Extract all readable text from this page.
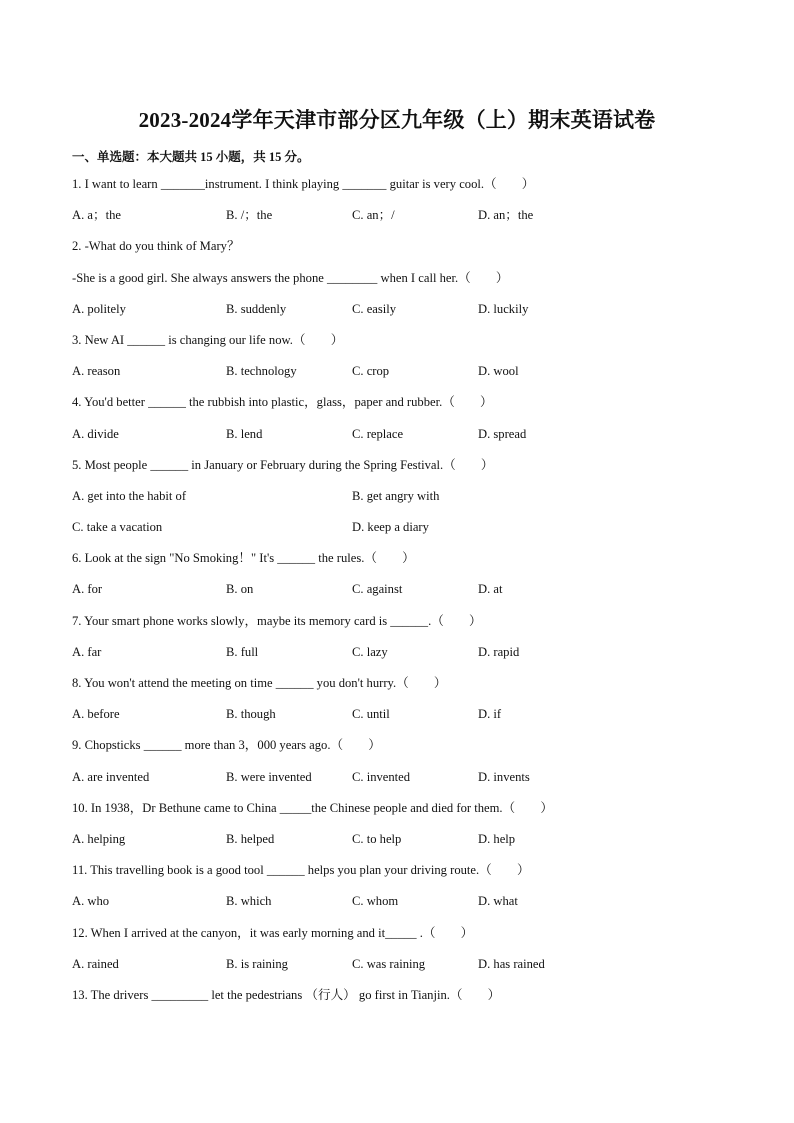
2023-2024学年天津市部分区九年级（上）期末英语试卷
一、单选题：本大题共 15 小题，共 15 分。
1. I want to learn _______instrument. I think playing _______ guitar is very cool.（　　）
A. a；the	B. /；the	C. an；/	D. an；the
2. -What do you think of Mary？
-She is a good girl. She always answers the phone ________ when I call her.（　　）
A. politely	B. suddenly	C. easily	D. luckily
3. New AI ______ is changing our life now.（　　）
A. reason	B. technology	C. crop	D. wool
4. You'd better ______ the rubbish into plastic，glass，paper and rubber.（　　）
A. divide	B. lend	C. replace	D. spread
5. Most people ______ in January or February during the Spring Festival.（　　）
A. get into the habit of	B. get angry with
C. take a vacation	D. keep a diary
6. Look at the sign "No Smoking！" It's ______ the rules.（　　）
A. for	B. on	C. against	D. at
7. Your smart phone works slowly，maybe its memory card is ______.（　　）
A. far	B. full	C. lazy	D. rapid
8. You won't attend the meeting on time ______ you don't hurry.（　　）
A. before	B. though	C. until	D. if
9. Chopsticks ______ more than 3，000 years ago.（　　）
A. are invented	B. were invented	C. invented	D. invents
10. In 1938，Dr Bethune came to China _____the Chinese people and died for them.（　　）
A. helping	B. helped	C. to help	D. help
11. This travelling book is a good tool ______ helps you plan your driving route.（　　）
A. who	B. which	C. whom	D. what
12. When I arrived at the canyon，it was early morning and it_____ .（　　）
A. rained	B. is raining	C. was raining	D. has rained
13. The drivers _________ let the pedestrians （行人） go first in Tianjin.（　　）
